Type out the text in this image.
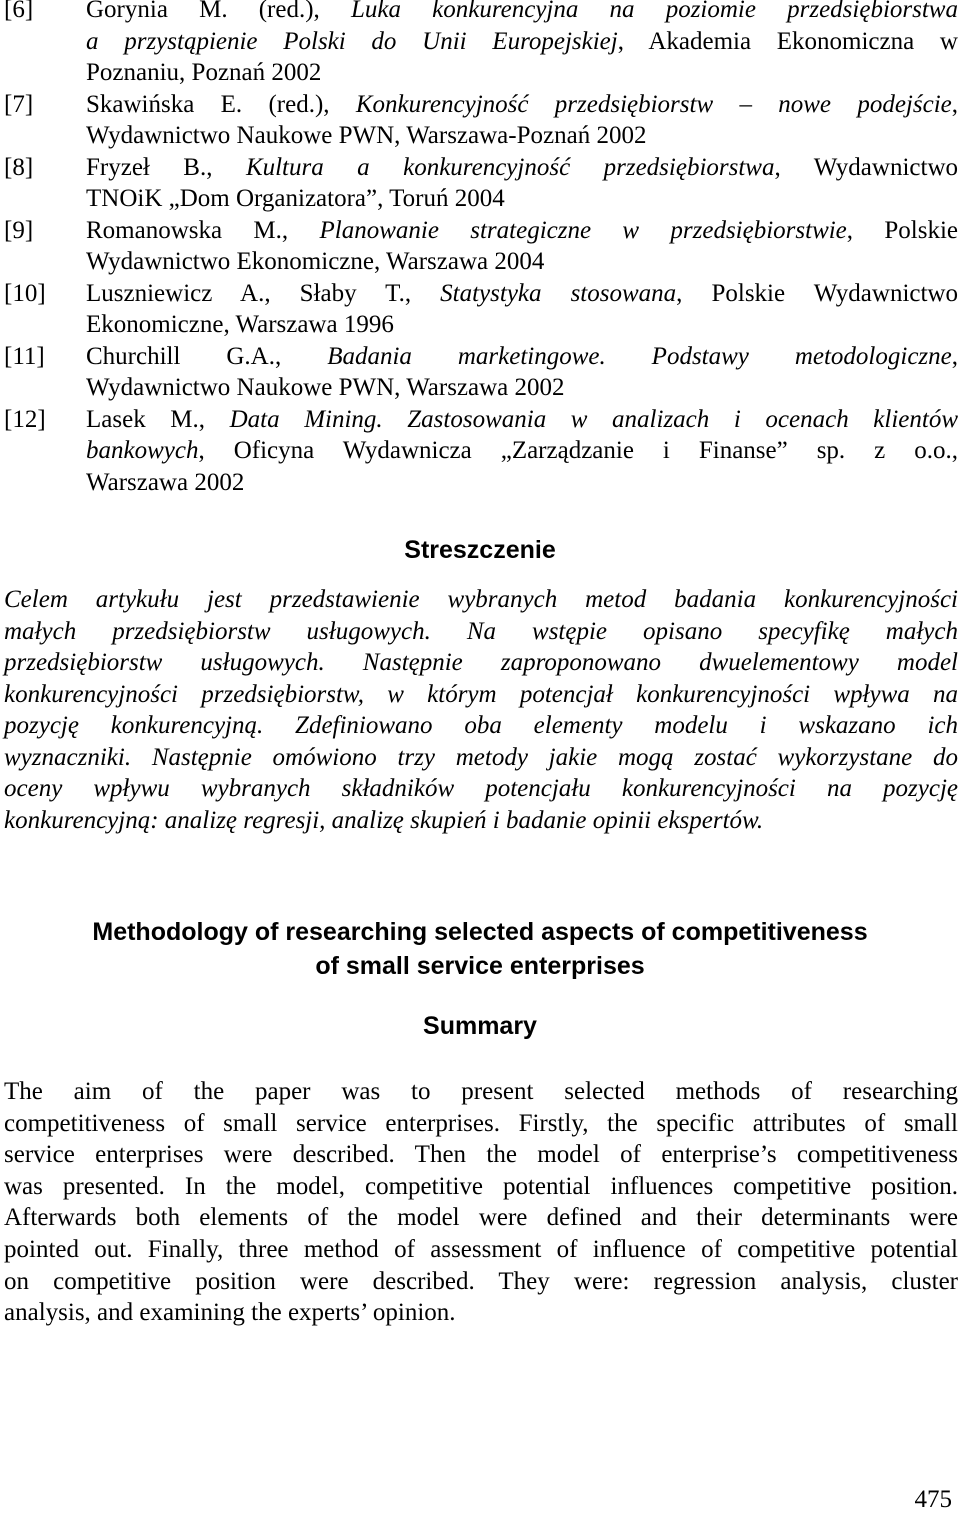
[6]	Gorynia M. (red.), Luka konkurencyjna na poziomie przedsiębiorstwa
a przystąpienie Polski do Unii Europejskiej, Akademia Ekonomiczna w
Poznaniu, Poznań 2002
[7]	Skawińska E. (red.), Konkurencyjność przedsiębiorstw – nowe podejście,
Wydawnictwo Naukowe PWN, Warszawa-Poznań 2002
[8]	Fryzeł B., Kultura a konkurencyjność przedsiębiorstwa, Wydawnictwo
TNOiK „Dom Organizatora”, Toruń 2004
[9]	Romanowska M., Planowanie strategiczne w przedsiębiorstwie, Polskie
Wydawnictwo Ekonomiczne, Warszawa 2004
[10]	Luszniewicz A., Słaby T., Statystyka stosowana, Polskie Wydawnictwo
Ekonomiczne, Warszawa 1996
[11]	Churchill G.A., Badania marketingowe. Podstawy metodologiczne,
Wydawnictwo Naukowe PWN, Warszawa 2002
[12]	Lasek M., Data Mining. Zastosowania w analizach i ocenach klientów
bankowych, Oficyna Wydawnicza „Zarządzanie i Finanse” sp. z o.o.,
Warszawa 2002
Streszczenie
Celem artykułu jest przedstawienie wybranych metod badania konkurencyjności
małych przedsiębiorstw usługowych. Na wstępie opisano specyfikę małych
przedsiębiorstw usługowych. Następnie zaproponowano dwuelementowy model
konkurencyjności przedsiębiorstw, w którym potencjał konkurencyjności wpływa na
pozycję konkurencyjną. Zdefiniowano oba elementy modelu i wskazano ich
wyznaczniki. Następnie omówiono trzy metody jakie mogą zostać wykorzystane do
oceny wpływu wybranych składników potencjału konkurencyjności na pozycję
konkurencyjną: analizę regresji, analizę skupień i badanie opinii ekspertów.
Methodology of researching selected aspects of competitiveness
of small service enterprises
Summary
The aim of the paper was to present selected methods of researching
competitiveness of small service enterprises. Firstly, the specific attributes of small
service enterprises were described. Then the model of enterprise’s competitiveness
was presented. In the model, competitive potential influences competitive position.
Afterwards both elements of the model were defined and their determinants were
pointed out. Finally, three method of assessment of influence of competitive potential
on competitive position were described. They were: regression analysis, cluster
analysis, and examining the experts’ opinion.
475
